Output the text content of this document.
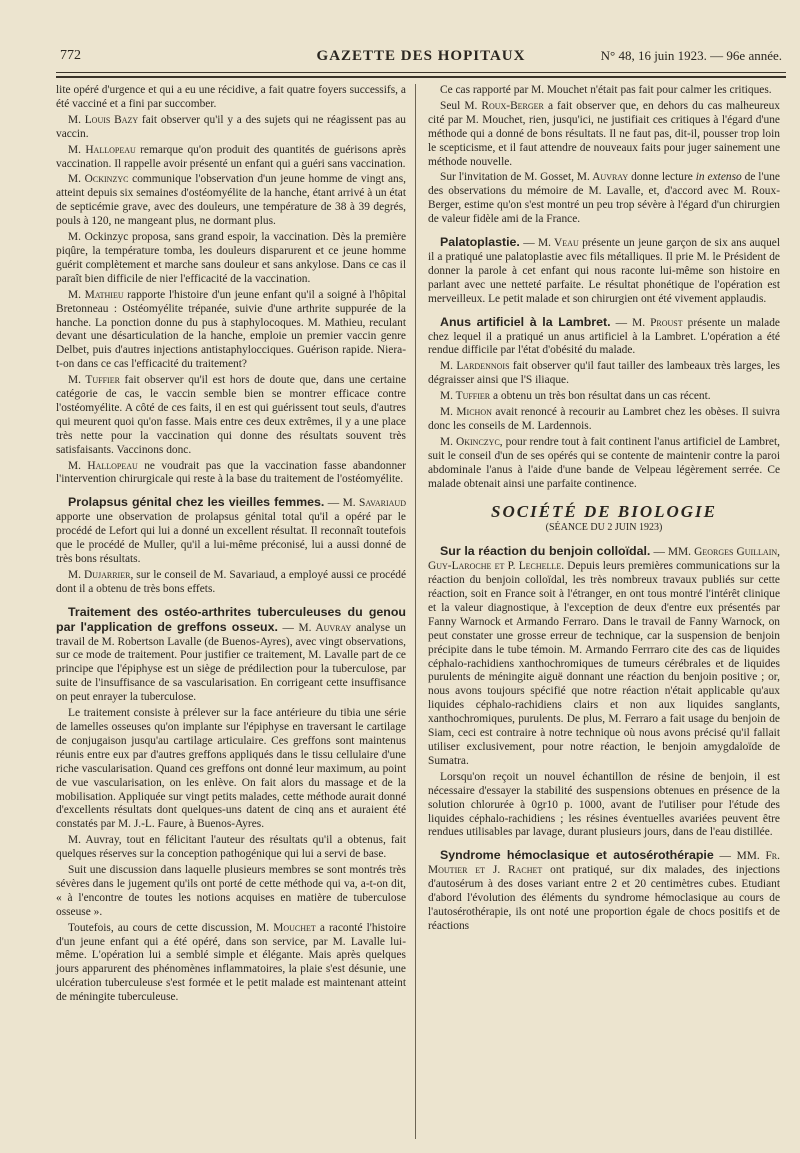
772	GAZETTE DES HOPITAUX	N° 48, 16 juin 1923. — 96e année.

lite opéré d'urgence et qui a eu une récidive, a fait quatre foyers successifs, a été vacciné et a fini par succomber.

M. Louis Bazy fait observer qu'il y a des sujets qui ne réagissent pas au vaccin.

M. Hallopeau remarque qu'on produit des quantités de guérisons après vaccination. Il rappelle avoir présenté un enfant qui a guéri sans vaccination.

M. Ockinzyc communique l'observation d'un jeune homme de vingt ans, atteint depuis six semaines d'ostéomyélite de la hanche, étant arrivé à un état de septicémie grave, avec des douleurs, une température de 38 à 39 degrés, pouls à 120, ne mangeant plus, ne dormant plus.

M. Ockinzyc proposa, sans grand espoir, la vaccination. Dès la première piqûre, la température tomba, les douleurs disparurent et ce jeune homme guérit complètement et marche sans douleur et sans ankylose. Dans ce cas il paraît bien difficile de nier l'efficacité de la vaccination.

M. Mathieu rapporte l'histoire d'un jeune enfant qu'il a soigné à l'hôpital Bretonneau : Ostéomyélite trépanée, suivie d'une arthrite suppurée de la hanche. La ponction donne du pus à staphylocoques. M. Mathieu, reculant devant une désarticulation de la hanche, emploie un premier vaccin genre Delbet, puis d'autres injections antistaphylocciques. Guérison rapide. Niera-t-on dans ce cas l'efficacité du traitement?

M. Tuffier fait observer qu'il est hors de doute que, dans une certaine catégorie de cas, le vaccin semble bien se montrer efficace contre l'ostéomyélite. A côté de ces faits, il en est qui guérissent tout seuls, d'autres qui meurent quoi qu'on fasse. Mais entre ces deux extrêmes, il y a une place très nette pour la vaccination qui donne des résultats souvent très satisfaisants. Vaccinons donc.

M. Hallopeau ne voudrait pas que la vaccination fasse abandonner l'intervention chirurgicale qui reste à la base du traitement de l'ostéomyélite.

Prolapsus génital chez les vieilles femmes. — M. Savariaud apporte une observation de prolapsus génital total qu'il a opéré par le procédé de Lefort qui lui a donné un excellent résultat. Il reconnaît toutefois que le procédé de Muller, qu'il a lui-même préconisé, lui a aussi donné de très bons résultats.

M. Dujarrier, sur le conseil de M. Savariaud, a employé aussi ce procédé dont il a obtenu de très bons effets.

Traitement des ostéo-arthrites tuberculeuses du genou par l'application de greffons osseux. — M. Auvray analyse un travail de M. Robertson Lavalle (de Buenos-Ayres), avec vingt observations, sur ce mode de traitement. Pour justifier ce traitement, M. Lavalle part de ce principe que l'épiphyse est un siège de prédilection pour la tuberculose, par suite de l'insuffisance de sa vascularisation. En corrigeant cette insuffisance on peut enrayer la tuberculose.

Le traitement consiste à prélever sur la face antérieure du tibia une série de lamelles osseuses qu'on implante sur l'épiphyse en traversant le cartilage de conjugaison jusqu'au cartilage articulaire. Ces greffons sont maintenus réunis entre eux par d'autres greffons appliqués dans le tissu cellulaire d'une riche vascularisation. Quand ces greffons ont donné leur maximum, au point de vue vascularisation, on les enlève. On fait alors du massage et de la mobilisation. Appliquée sur vingt petits malades, cette méthode aurait donné d'excellents résultats dont quelques-uns datent de cinq ans et auraient été constatés par M. J.-L. Faure, à Buenos-Ayres.

M. Auvray, tout en félicitant l'auteur des résultats qu'il a obtenus, fait quelques réserves sur la conception pathogénique qui lui a servi de base.

Suit une discussion dans laquelle plusieurs membres se sont montrés très sévères dans le jugement qu'ils ont porté de cette méthode qui va, a-t-on dit, « à l'encontre de toutes les notions acquises en matière de tuberculose osseuse ».

Toutefois, au cours de cette discussion, M. Mouchet a raconté l'histoire d'un jeune enfant qui a été opéré, dans son service, par M. Lavalle lui-même. L'opération lui a semblé simple et élégante. Mais après quelques jours apparurent des phénomènes inflammatoires, la plaie s'est désunie, une ulcération tuberculeuse s'est formée et le petit malade est maintenant atteint de méningite tuberculeuse.

Ce cas rapporté par M. Mouchet n'était pas fait pour calmer les critiques.

Seul M. Roux-Berger a fait observer que, en dehors du cas malheureux cité par M. Mouchet, rien, jusqu'ici, ne justifiait ces critiques à l'égard d'une méthode qui a donné de bons résultats. Il ne faut pas, dit-il, pousser trop loin le scepticisme, et il faut attendre de nouveaux faits pour juger sainement une méthode nouvelle.

Sur l'invitation de M. Gosset, M. Auvray donne lecture in extenso de l'une des observations du mémoire de M. Lavalle, et, d'accord avec M. Roux-Berger, estime qu'on s'est montré un peu trop sévère à l'égard d'un chirurgien de valeur fidèle ami de la France.

Palatoplastie. — M. Veau présente un jeune garçon de six ans auquel il a pratiqué une palatoplastie avec fils métalliques. Il prie M. le Président de donner la parole à cet enfant qui nous raconte lui-même son histoire en parlant avec une netteté parfaite. Le résultat phonétique de l'opération est merveilleux. Le petit malade et son chirurgien ont été vivement applaudis.

Anus artificiel à la Lambret. — M. Proust présente un malade chez lequel il a pratiqué un anus artificiel à la Lambret. L'opération a été rendue difficile par l'état d'obésité du malade.

M. Lardennois fait observer qu'il faut tailler des lambeaux très larges, les dégraisser ainsi que l'S iliaque.

M. Tuffier a obtenu un très bon résultat dans un cas récent.

M. Michon avait renoncé à recourir au Lambret chez les obèses. Il suivra donc les conseils de M. Lardennois.

M. Okinczyc, pour rendre tout à fait continent l'anus artificiel de Lambret, suit le conseil d'un de ses opérés qui se contente de maintenir contre la paroi abdominale l'anus à l'aide d'une bande de Velpeau légèrement serrée. Ce malade obtenait ainsi une parfaite continence.

SOCIÉTÉ DE BIOLOGIE

(SÉANCE DU 2 JUIN 1923)

Sur la réaction du benjoin colloïdal. — MM. Georges Guillain, Guy-Laroche et P. Lechelle. Depuis leurs premières communications sur la réaction du benjoin colloïdal, les très nombreux travaux publiés sur cette réaction, soit en France soit à l'étranger, en ont tous montré l'intérêt clinique et la valeur diagnostique, à l'exception de deux d'entre eux présentés par Fanny Warnock et Armando Ferraro. Dans le travail de Fanny Warnock, on peut constater une grosse erreur de technique, car la suspension de benjoin précipite dans le tube témoin. M. Armando Ferrraro cite des cas de liquides céphalo-rachidiens xanthochromiques de tumeurs cérébrales et de liquides purulents de méningite aiguë donnant une réaction du benjoin positive ; or, nous avons toujours spécifié que notre réaction n'était applicable qu'aux liquides céphalo-rachidiens clairs et non aux liquides sanglants, xanthochromiques, purulents. De plus, M. Ferraro a fait usage du benjoin de Siam, ceci est contraire à notre technique où nous avons précisé qu'il fallait utiliser exclusivement, pour notre réaction, le benjoin amygdaloïde de Sumatra.

Lorsqu'on reçoit un nouvel échantillon de résine de benjoin, il est nécessaire d'essayer la stabilité des suspensions obtenues en présence de la solution chlorurée à 0gr10 p. 1000, avant de l'utiliser pour l'étude des liquides céphalo-rachidiens ; les résines éventuelles avariées peuvent être rendues utilisables par lavage, durant plusieurs jours, dans de l'eau distillée.

Syndrome hémoclasique et autosérothérapie — MM. Fr. Moutier et J. Rachet ont pratiqué, sur dix malades, des injections d'autosérum à des doses variant entre 2 et 20 centimètres cubes. Etudiant d'abord l'évolution des éléments du syndrome hémoclasique au cours de l'autosérothérapie, ils ont noté une proportion égale de chocs positifs et de réactions
